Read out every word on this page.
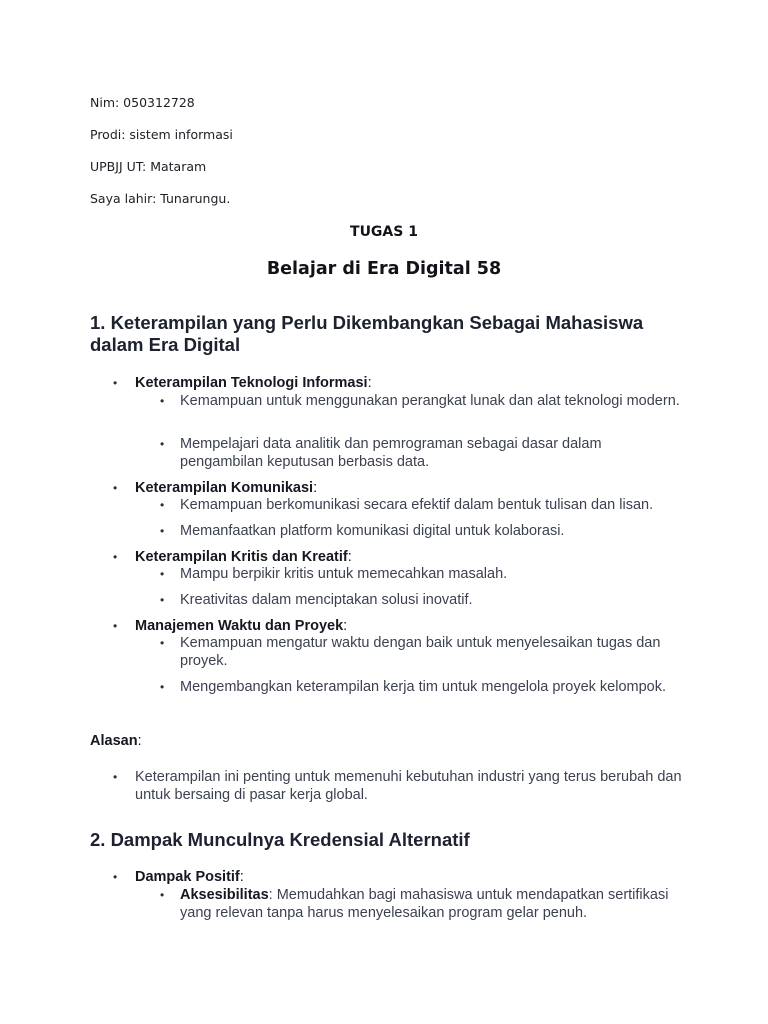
Nim: 050312728
Prodi: sistem informasi
UPBJJ UT: Mataram
Saya lahir: Tunarungu.
TUGAS 1
Belajar di Era Digital 58
1. Keterampilan yang Perlu Dikembangkan Sebagai Mahasiswa dalam Era Digital
• Keterampilan Teknologi Informasi:
• Kemampuan untuk menggunakan perangkat lunak dan alat teknologi modern.
• Mempelajari data analitik dan pemrograman sebagai dasar dalam pengambilan keputusan berbasis data.
• Keterampilan Komunikasi:
• Kemampuan berkomunikasi secara efektif dalam bentuk tulisan dan lisan.
• Memanfaatkan platform komunikasi digital untuk kolaborasi.
• Keterampilan Kritis dan Kreatif:
• Mampu berpikir kritis untuk memecahkan masalah.
• Kreativitas dalam menciptakan solusi inovatif.
• Manajemen Waktu dan Proyek:
• Kemampuan mengatur waktu dengan baik untuk menyelesaikan tugas dan proyek.
• Mengembangkan keterampilan kerja tim untuk mengelola proyek kelompok.
Alasan:
• Keterampilan ini penting untuk memenuhi kebutuhan industri yang terus berubah dan untuk bersaing di pasar kerja global.
2. Dampak Munculnya Kredensial Alternatif
• Dampak Positif:
• Aksesibilitas: Memudahkan bagi mahasiswa untuk mendapatkan sertifikasi yang relevan tanpa harus menyelesaikan program gelar penuh.
